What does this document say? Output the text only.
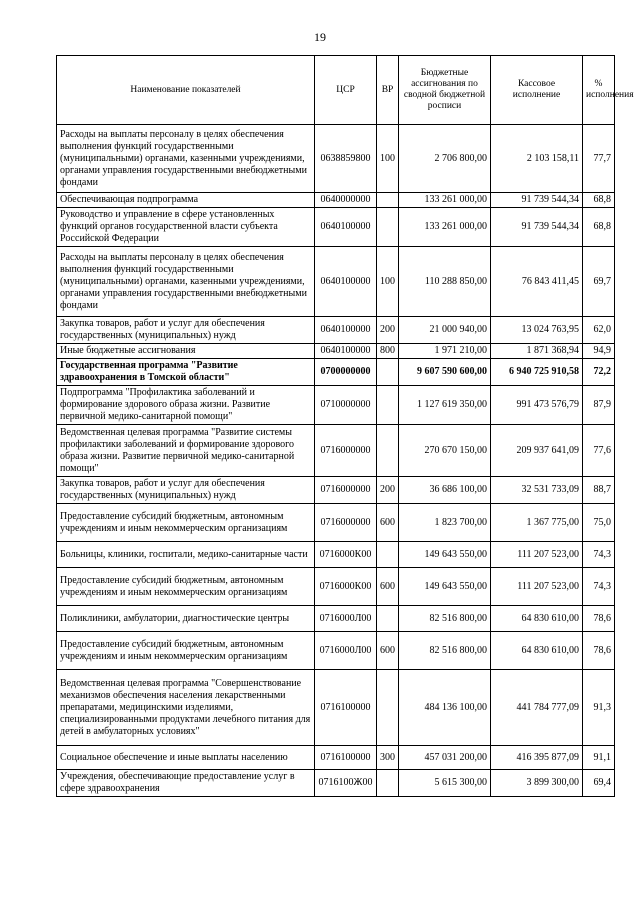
19
Наименование показателей	ЦСР	ВР	Бюджетные ассигнования по сводной бюджетной росписи	Кассовое исполнение	% исполнения
Расходы на выплаты персоналу в целях обеспечения выполнения функций государственными (муниципальными) органами, казенными учреждениями, органами управления государственными внебюджетными фондами	0638859800	100	2 706 800,00	2 103 158,11	77,7
Обеспечивающая подпрограмма	0640000000		133 261 000,00	91 739 544,34	68,8
Руководство и управление в сфере установленных функций органов государственной власти субъекта Российской Федерации	0640100000		133 261 000,00	91 739 544,34	68,8
Расходы на выплаты персоналу в целях обеспечения выполнения функций государственными (муниципальными) органами, казенными учреждениями, органами управления государственными внебюджетными фондами	0640100000	100	110 288 850,00	76 843 411,45	69,7
Закупка товаров, работ и услуг для обеспечения государственных (муниципальных) нужд	0640100000	200	21 000 940,00	13 024 763,95	62,0
Иные бюджетные ассигнования	0640100000	800	1 971 210,00	1 871 368,94	94,9
Государственная программа "Развитие здравоохранения в Томской области"	0700000000		9 607 590 600,00	6 940 725 910,58	72,2
Подпрограмма "Профилактика заболеваний и формирование здорового образа жизни. Развитие первичной медико-санитарной помощи"	0710000000		1 127 619 350,00	991 473 576,79	87,9
Ведомственная целевая программа "Развитие системы профилактики заболеваний и формирование здорового образа жизни. Развитие первичной медико-санитарной помощи"	0716000000		270 670 150,00	209 937 641,09	77,6
Закупка товаров, работ и услуг для обеспечения государственных (муниципальных) нужд	0716000000	200	36 686 100,00	32 531 733,09	88,7
Предоставление субсидий бюджетным, автономным учреждениям и иным некоммерческим организациям	0716000000	600	1 823 700,00	1 367 775,00	75,0
Больницы, клиники, госпитали, медико-санитарные части	0716000К00		149 643 550,00	111 207 523,00	74,3
Предоставление субсидий бюджетным, автономным учреждениям и иным некоммерческим организациям	0716000К00	600	149 643 550,00	111 207 523,00	74,3
Поликлиники, амбулатории, диагностические центры	0716000Л00		82 516 800,00	64 830 610,00	78,6
Предоставление субсидий бюджетным, автономным учреждениям и иным некоммерческим организациям	0716000Л00	600	82 516 800,00	64 830 610,00	78,6
Ведомственная целевая программа "Совершенствование механизмов обеспечения населения лекарственными препаратами, медицинскими изделиями, специализированными продуктами лечебного питания для детей в амбулаторных условиях"	0716100000		484 136 100,00	441 784 777,09	91,3
Социальное обеспечение и иные выплаты населению	0716100000	300	457 031 200,00	416 395 877,09	91,1
Учреждения, обеспечивающие предоставление услуг в сфере здравоохранения	0716100Ж00		5 615 300,00	3 899 300,00	69,4
